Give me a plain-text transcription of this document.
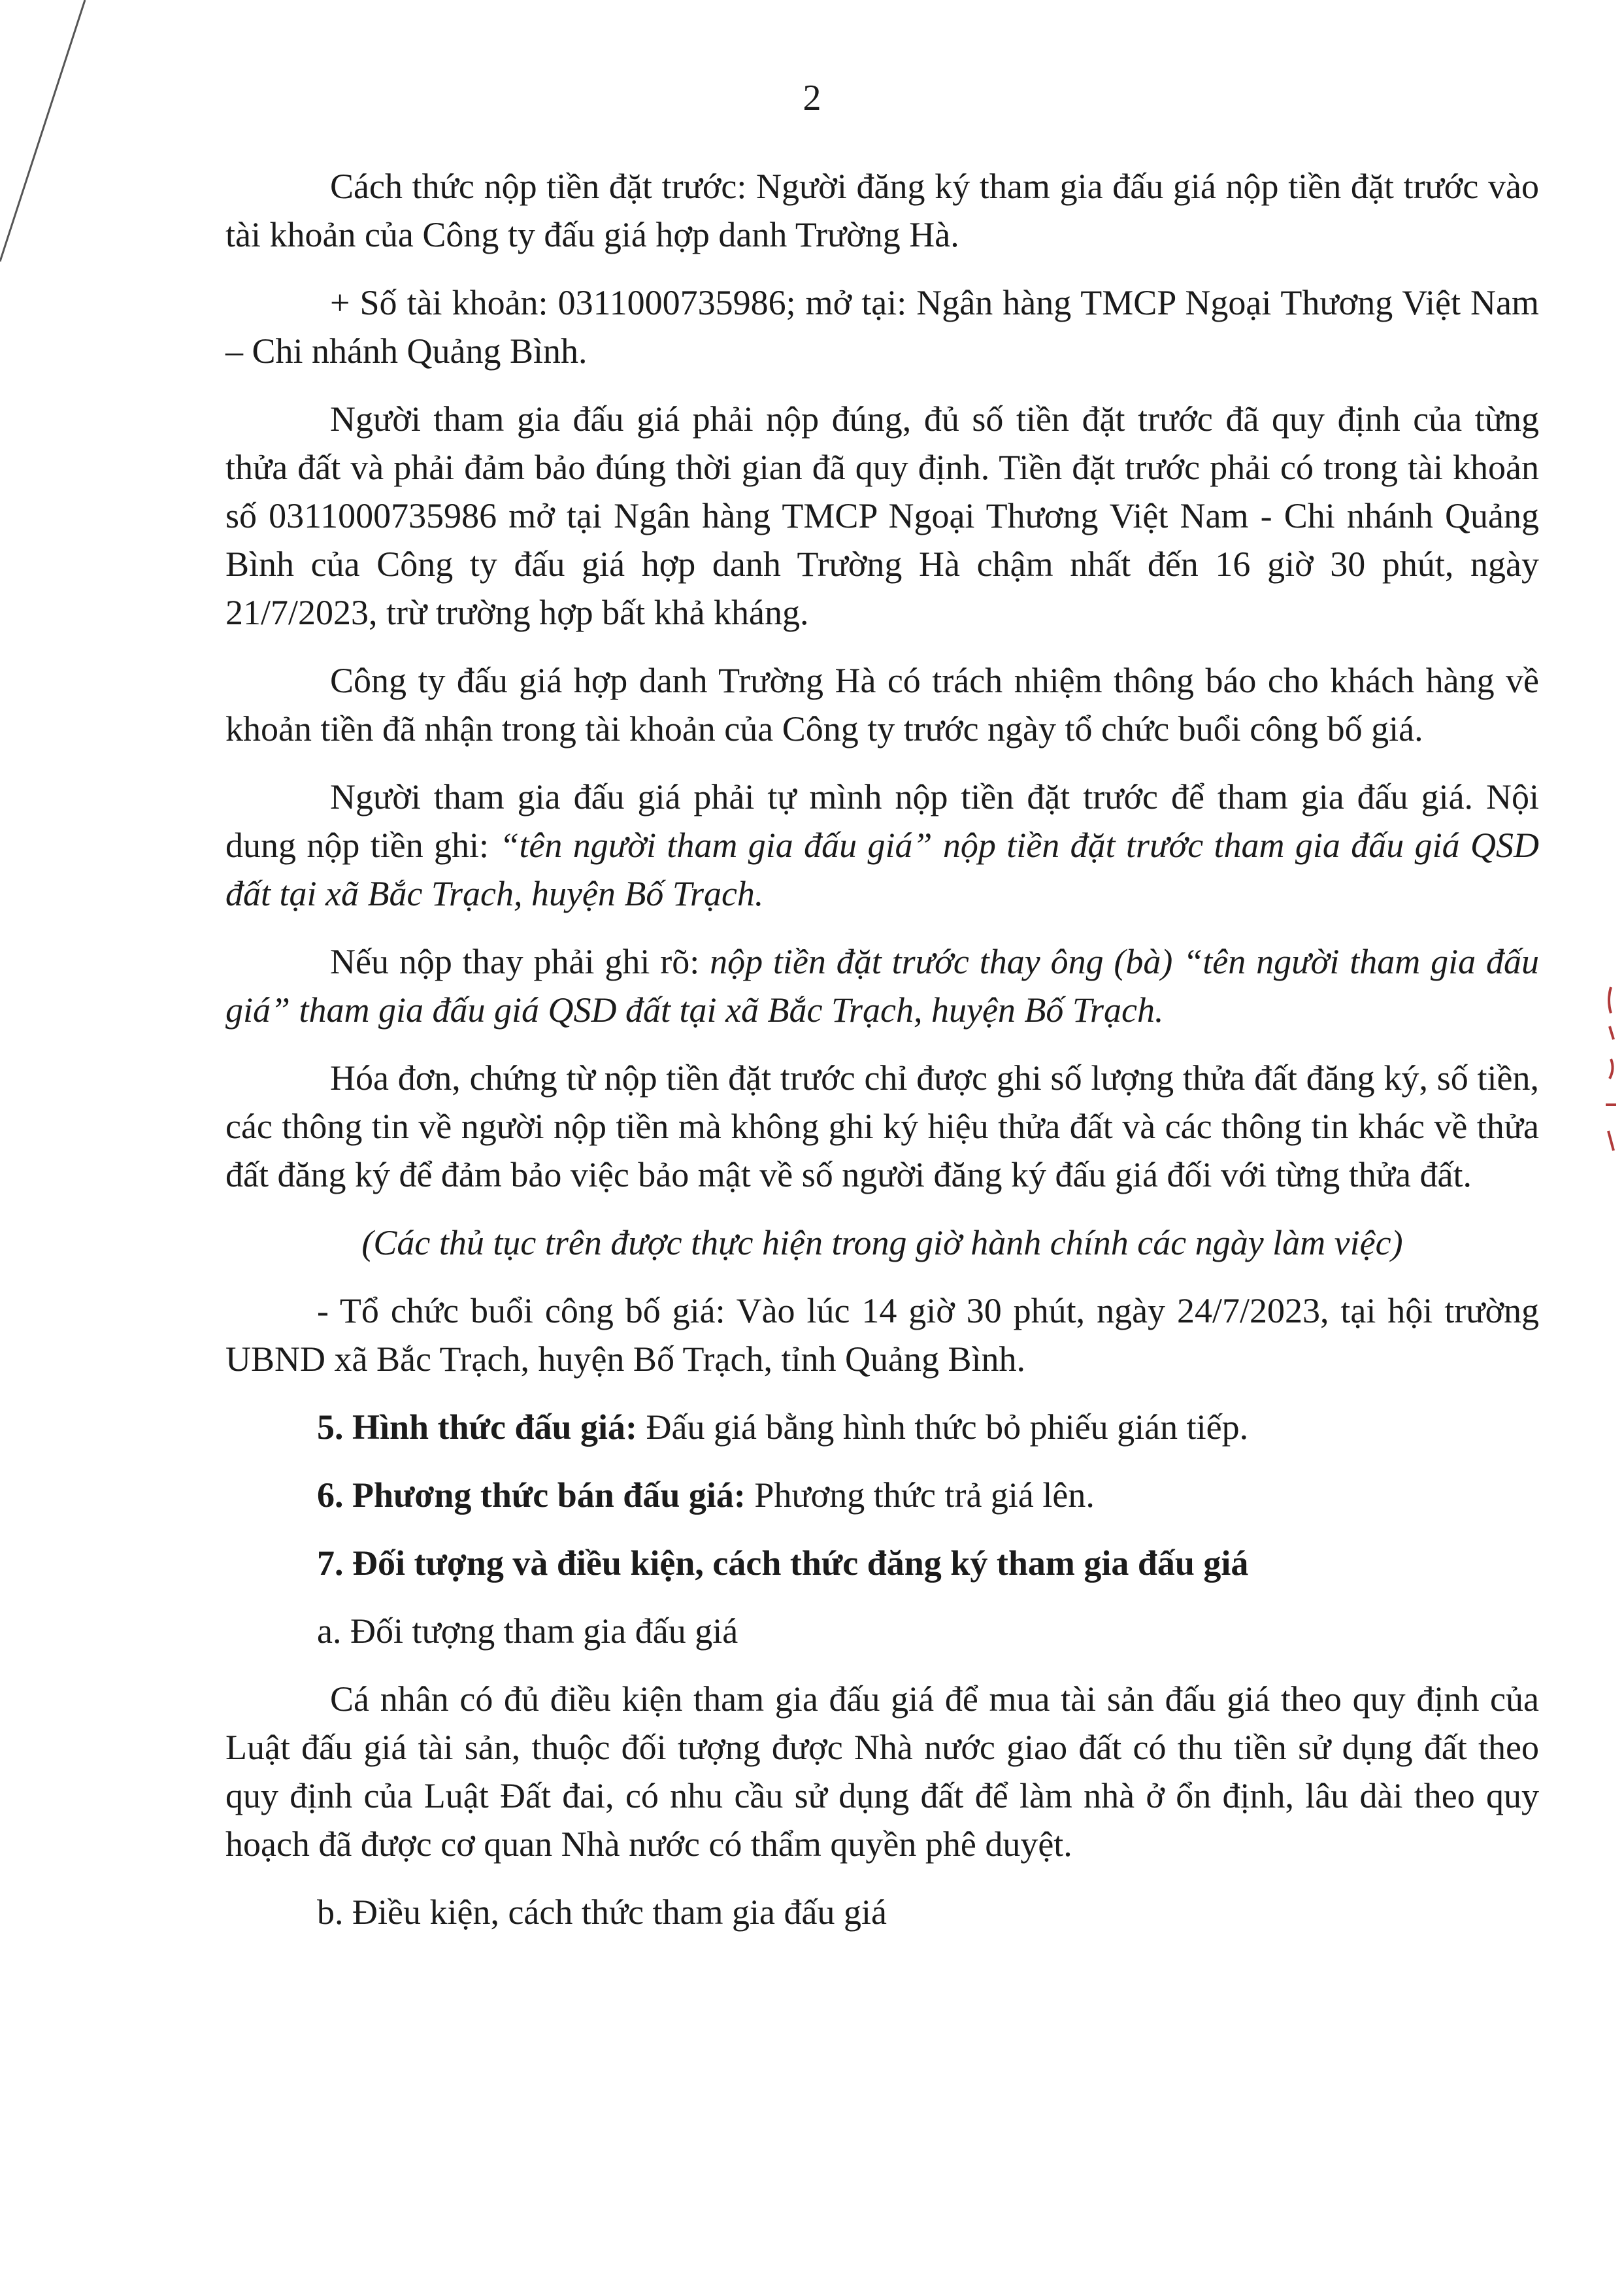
2

Cách thức nộp tiền đặt trước: Người đăng ký tham gia đấu giá nộp tiền đặt trước vào tài khoản của Công ty đấu giá hợp danh Trường Hà.

+ Số tài khoản: 0311000735986; mở tại: Ngân hàng TMCP Ngoại Thương Việt Nam – Chi nhánh Quảng Bình.

Người tham gia đấu giá phải nộp đúng, đủ số tiền đặt trước đã quy định của từng thửa đất và phải đảm bảo đúng thời gian đã quy định. Tiền đặt trước phải có trong tài khoản số 0311000735986 mở tại Ngân hàng TMCP Ngoại Thương Việt Nam - Chi nhánh Quảng Bình của Công ty đấu giá hợp danh Trường Hà chậm nhất đến 16 giờ 30 phút, ngày 21/7/2023, trừ trường hợp bất khả kháng.

Công ty đấu giá hợp danh Trường Hà có trách nhiệm thông báo cho khách hàng về khoản tiền đã nhận trong tài khoản của Công ty trước ngày tổ chức buổi công bố giá.

Người tham gia đấu giá phải tự mình nộp tiền đặt trước để tham gia đấu giá. Nội dung nộp tiền ghi: “tên người tham gia đấu giá” nộp tiền đặt trước tham gia đấu giá QSD đất tại xã Bắc Trạch, huyện Bố Trạch.

Nếu nộp thay phải ghi rõ: nộp tiền đặt trước thay ông (bà) “tên người tham gia đấu giá” tham gia đấu giá QSD đất tại xã Bắc Trạch, huyện Bố Trạch.

Hóa đơn, chứng từ nộp tiền đặt trước chỉ được ghi số lượng thửa đất đăng ký, số tiền, các thông tin về người nộp tiền mà không ghi ký hiệu thửa đất và các thông tin khác về thửa đất đăng ký để đảm bảo việc bảo mật về số người đăng ký đấu giá đối với từng thửa đất.

(Các thủ tục trên được thực hiện trong giờ hành chính các ngày làm việc)

- Tổ chức buổi công bố giá: Vào lúc 14 giờ 30 phút, ngày 24/7/2023, tại hội trường UBND xã Bắc Trạch, huyện Bố Trạch, tỉnh Quảng Bình.

5. Hình thức đấu giá: Đấu giá bằng hình thức bỏ phiếu gián tiếp.

6. Phương thức bán đấu giá: Phương thức trả giá lên.

7. Đối tượng và điều kiện, cách thức đăng ký tham gia đấu giá

a. Đối tượng tham gia đấu giá

Cá nhân có đủ điều kiện tham gia đấu giá để mua tài sản đấu giá theo quy định của Luật đấu giá tài sản, thuộc đối tượng được Nhà nước giao đất có thu tiền sử dụng đất theo quy định của Luật Đất đai, có nhu cầu sử dụng đất để làm nhà ở ổn định, lâu dài theo quy hoạch đã được cơ quan Nhà nước có thẩm quyền phê duyệt.

b. Điều kiện, cách thức tham gia đấu giá
